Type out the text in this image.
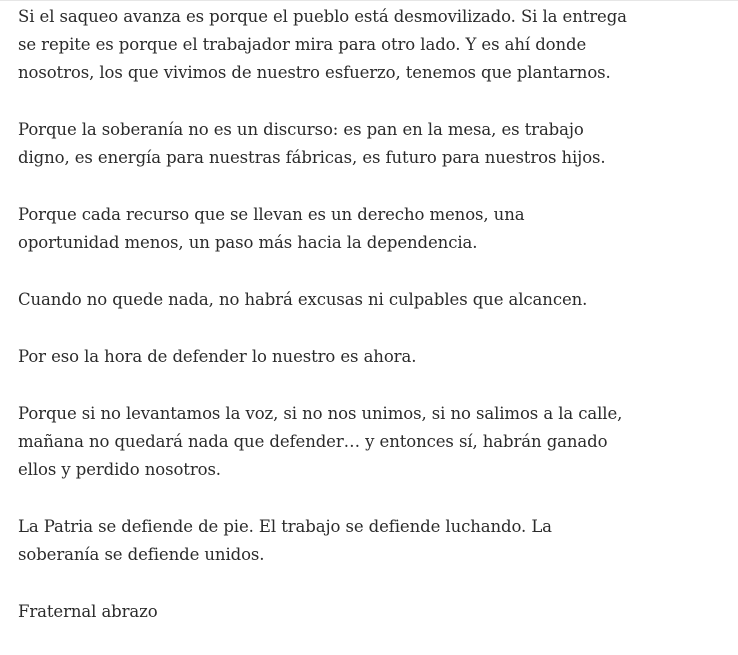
Si el saqueo avanza es porque el pueblo está desmovilizado. Si la entrega se repite es porque el trabajador mira para otro lado. Y es ahí donde nosotros, los que vivimos de nuestro esfuerzo, tenemos que plantarnos.

Porque la soberanía no es un discurso: es pan en la mesa, es trabajo digno, es energía para nuestras fábricas, es futuro para nuestros hijos.

Porque cada recurso que se llevan es un derecho menos, una oportunidad menos, un paso más hacia la dependencia.

Cuando no quede nada, no habrá excusas ni culpables que alcancen.

Por eso la hora de defender lo nuestro es ahora.

Porque si no levantamos la voz, si no nos unimos, si no salimos a la calle, mañana no quedará nada que defender… y entonces sí, habrán ganado ellos y perdido nosotros.

La Patria se defiende de pie. El trabajo se defiende luchando. La soberanía se defiende unidos.

Fraternal abrazo
